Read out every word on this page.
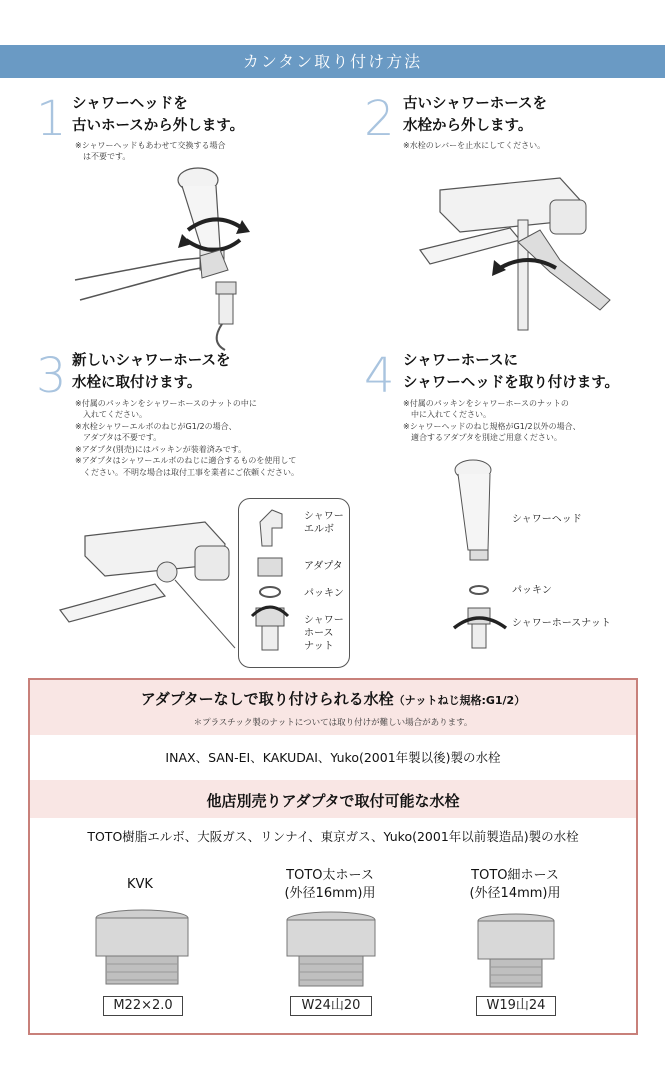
カンタン取り付け方法
1 シャワーヘッドを
古いホースから外します。
※シャワーヘッドもあわせて交換する場合
　は不要です。
2 古いシャワーホースを
水栓から外します。
※水栓のレバーを止水にしてください。
3 新しいシャワーホースを
水栓に取付けます。
※付属のパッキンをシャワーホースのナットの中に
　入れてください。
※水栓シャワーエルボのねじがG1/2の場合、
　アダプタは不要です。
※アダプタ(別売)にはパッキンが装着済みです。
※アダプタはシャワーエルボのねじに適合するものを使用して
　ください。不明な場合は取付工事を業者にご依頼ください。
シャワー
エルボ
アダプタ
パッキン
シャワー
ホース
ナット
4 シャワーホースに
シャワーヘッドを取り付けます。
※付属のパッキンをシャワーホースのナットの
　中に入れてください。
※シャワーヘッドのねじ規格がG1/2以外の場合、
　適合するアダプタを別途ご用意ください。
シャワーヘッド
パッキン
シャワーホースナット
アダプターなしで取り付けられる水栓（ナットねじ規格:G1/2）
＊プラスチック製のナットについては取り付けが難しい場合があります。
INAX、SAN-EI、KAKUDAI、Yuko(2001年製以後)製の水栓
他店別売りアダプタで取付可能な水栓
TOTO樹脂エルボ、大阪ガス、リンナイ、東京ガス、Yuko(2001年以前製造品)製の水栓
KVK
M22×2.0
TOTO太ホース
(外径16mm)用
W24山20
TOTO細ホース
(外径14mm)用
W19山24
